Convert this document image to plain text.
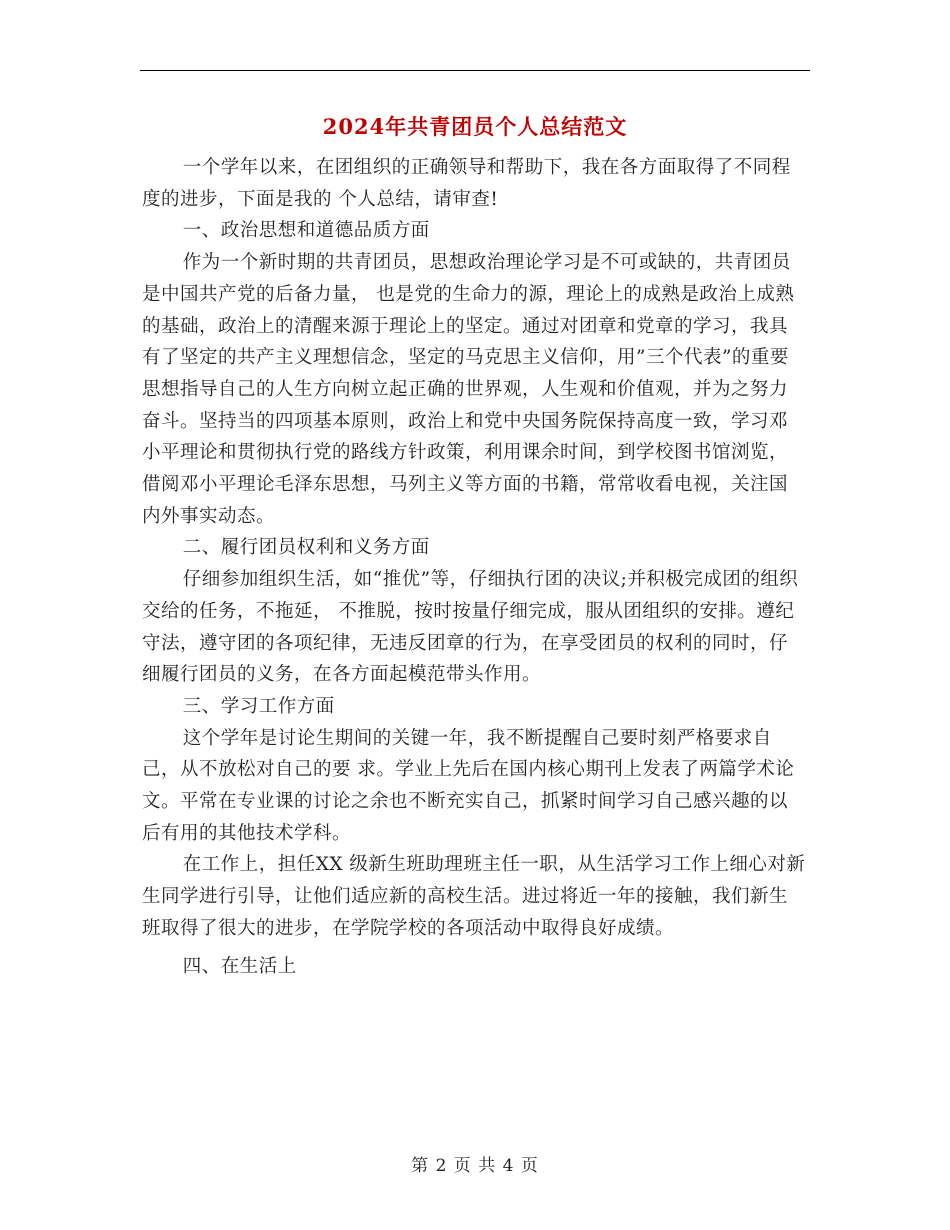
2024年共青团员个人总结范文

一个学年以来，在团组织的正确领导和帮助下，我在各方面取得了不同程度的进步，下面是我的 个人总结，请审查!

一、政治思想和道德品质方面

作为一个新时期的共青团员，思想政治理论学习是不可或缺的，共青团员是中国共产党的后备力量， 也是党的生命力的源，理论上的成熟是政治上成熟的基础，政治上的清醒来源于理论上的坚定。通过对团章和党章的学习，我具有了坚定的共产主义理想信念，坚定的马克思主义信仰，用”三个代表”的重要思想指导自己的人生方向树立起正确的世界观，人生观和价值观，并为之努力奋斗。坚持当的四项基本原则，政治上和党中央国务院保持高度一致，学习邓小平理论和贯彻执行党的路线方针政策，利用课余时间，到学校图书馆浏览，借阅邓小平理论毛泽东思想，马列主义等方面的书籍，常常收看电视，关注国内外事实动态。

二、履行团员权利和义务方面

仔细参加组织生活，如“推优”等，仔细执行团的决议;并积极完成团的组织交给的任务，不拖延， 不推脱，按时按量仔细完成，服从团组织的安排。遵纪守法，遵守团的各项纪律，无违反团章的行为，在享受团员的权利的同时，仔细履行团员的义务，在各方面起模范带头作用。

三、学习工作方面

这个学年是讨论生期间的关键一年，我不断提醒自己要时刻严格要求自己，从不放松对自己的要 求。学业上先后在国内核心期刊上发表了两篇学术论文。平常在专业课的讨论之余也不断充实自己，抓紧时间学习自己感兴趣的以后有用的其他技术学科。

在工作上，担任XX 级新生班助理班主任一职，从生活学习工作上细心对新生同学进行引导，让他们适应新的高校生活。进过将近一年的接触，我们新生班取得了很大的进步，在学院学校的各项活动中取得良好成绩。

四、在生活上

第 2 页 共 4 页
